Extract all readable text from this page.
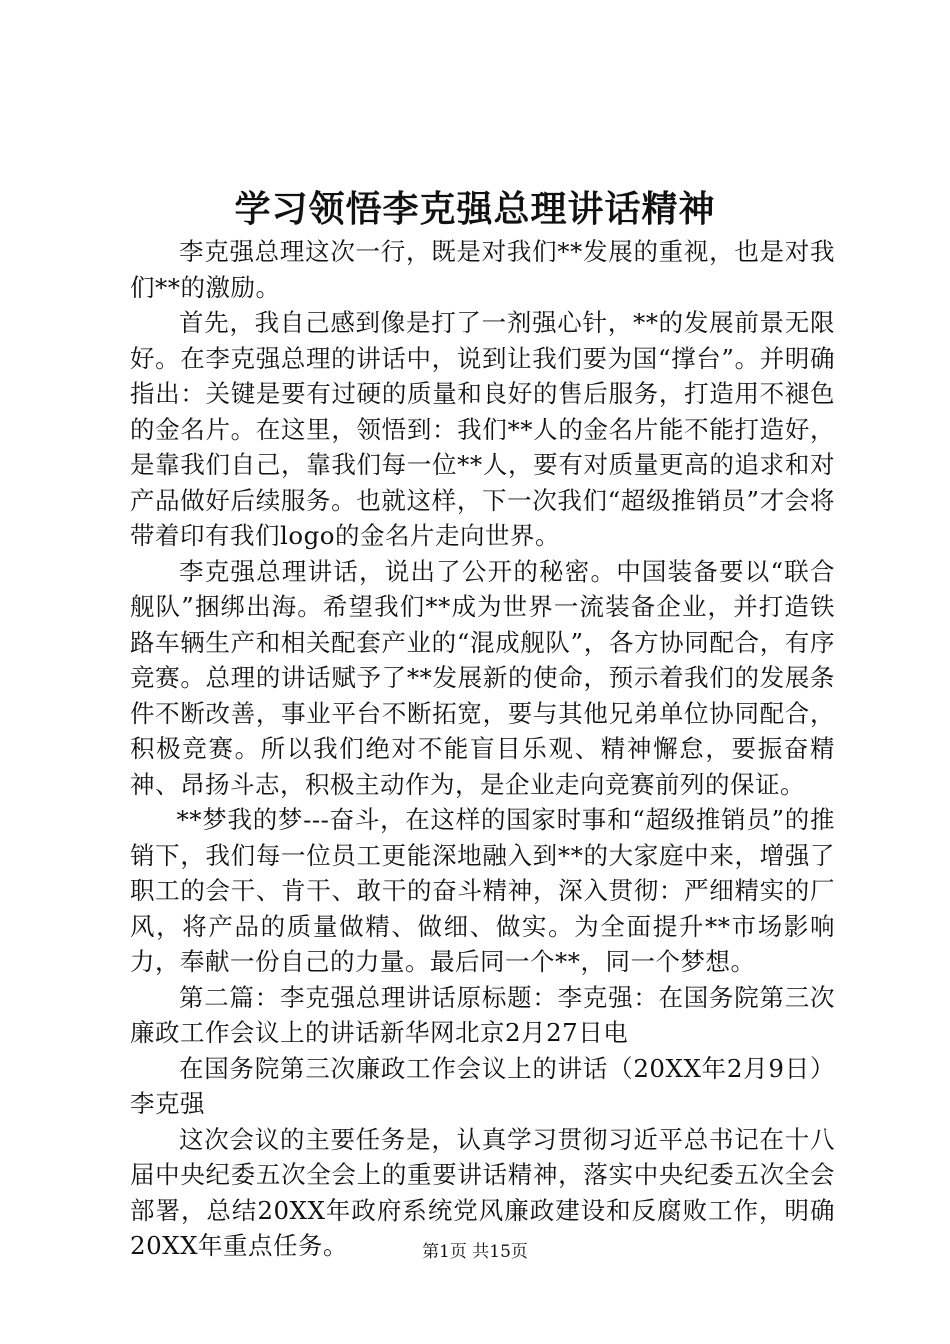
学习领悟李克强总理讲话精神

李克强总理这次一行，既是对我们**发展的重视，也是对我们**的激励。

首先，我自己感到像是打了一剂强心针，**的发展前景无限好。在李克强总理的讲话中，说到让我们要为国“撑台”。并明确指出：关键是要有过硬的质量和良好的售后服务，打造用不褪色的金名片。在这里，领悟到：我们**人的金名片能不能打造好，是靠我们自己，靠我们每一位**人，要有对质量更高的追求和对产品做好后续服务。也就这样，下一次我们“超级推销员”才会将带着印有我们logo的金名片走向世界。

李克强总理讲话，说出了公开的秘密。中国装备要以“联合舰队”捆绑出海。希望我们**成为世界一流装备企业，并打造铁路车辆生产和相关配套产业的“混成舰队”，各方协同配合，有序竞赛。总理的讲话赋予了**发展新的使命，预示着我们的发展条件不断改善，事业平台不断拓宽，要与其他兄弟单位协同配合，积极竞赛。所以我们绝对不能盲目乐观、精神懈怠，要振奋精神、昂扬斗志，积极主动作为，是企业走向竞赛前列的保证。

**梦我的梦---奋斗，在这样的国家时事和“超级推销员”的推销下，我们每一位员工更能深地融入到**的大家庭中来，增强了职工的会干、肯干、敢干的奋斗精神，深入贯彻：严细精实的厂风，将产品的质量做精、做细、做实。为全面提升**市场影响力，奉献一份自己的力量。最后同一个**，同一个梦想。

第二篇：李克强总理讲话原标题：李克强：在国务院第三次廉政工作会议上的讲话新华网北京2月27日电

在国务院第三次廉政工作会议上的讲话（20XX年2月9日）李克强

这次会议的主要任务是，认真学习贯彻习近平总书记在十八届中央纪委五次全会上的重要讲话精神，落实中央纪委五次全会部署，总结20XX年政府系统党风廉政建设和反腐败工作，明确20XX年重点任务。	第1页 共15页
